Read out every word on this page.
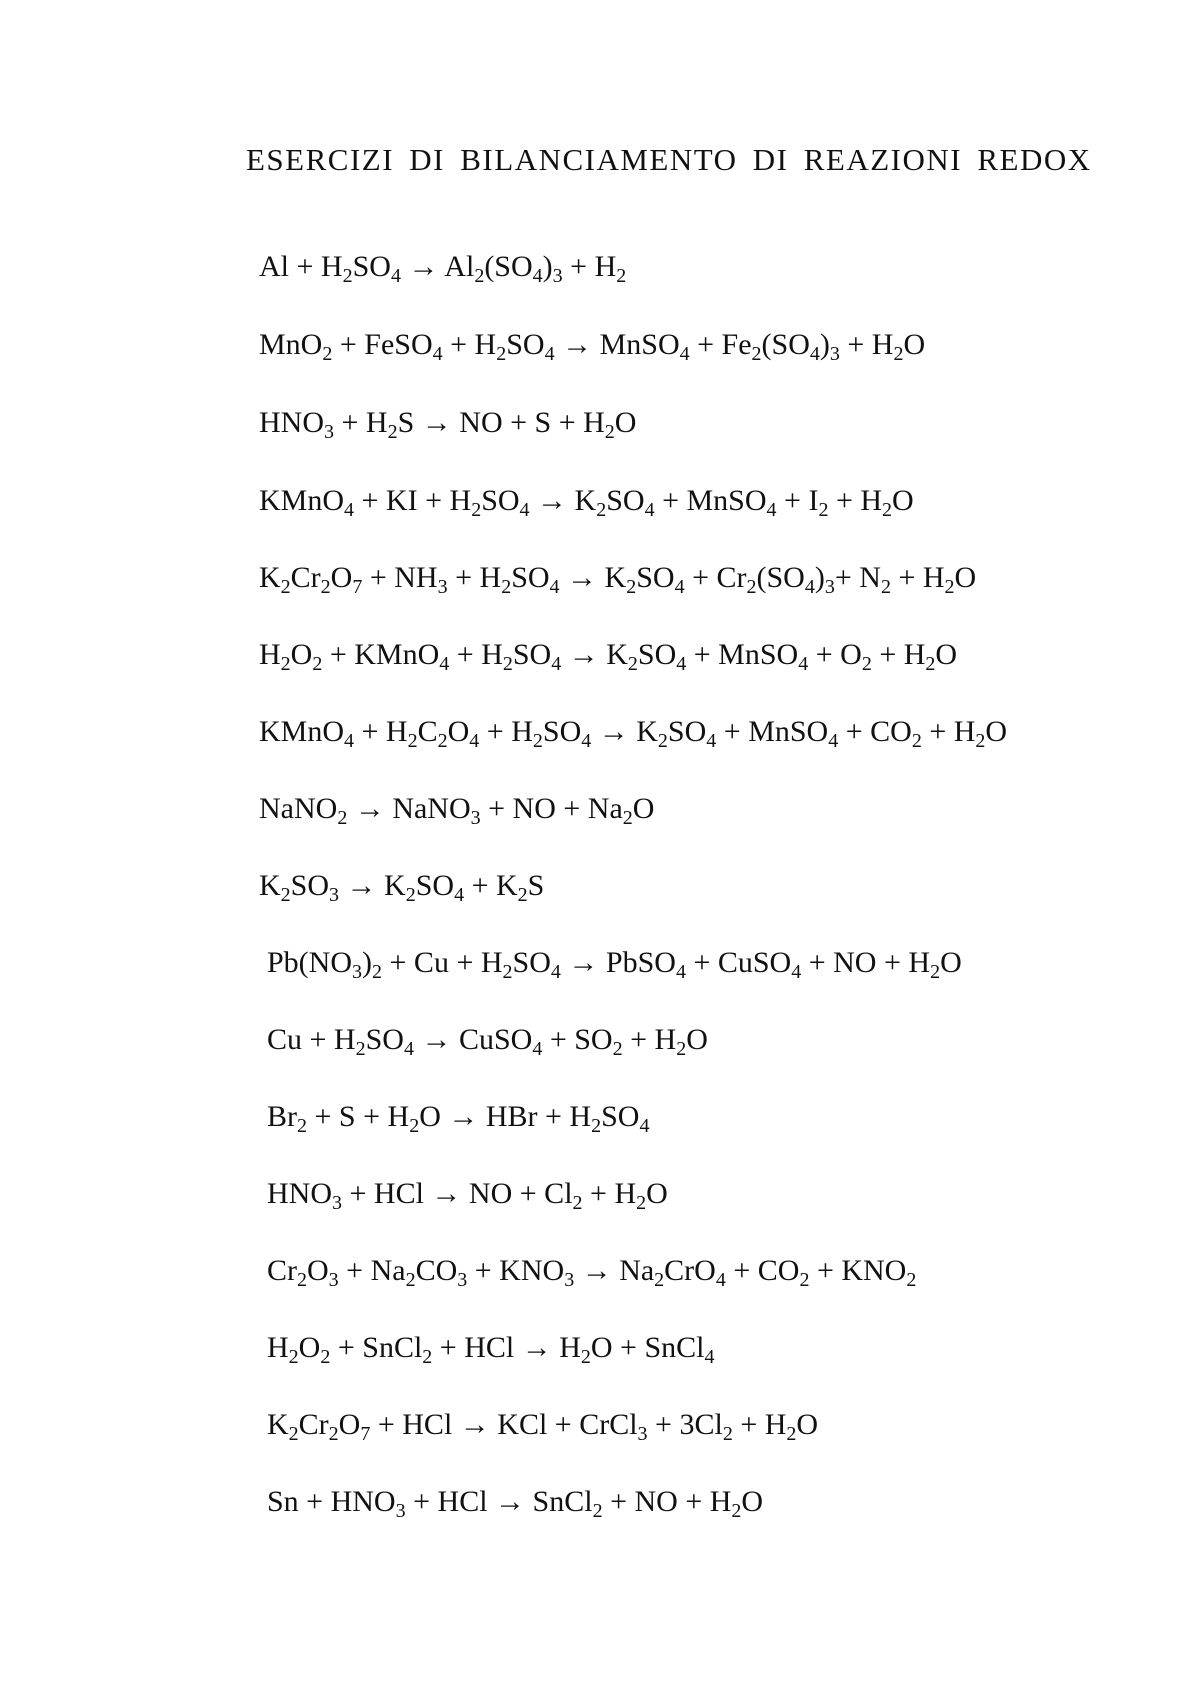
ESERCIZI DI BILANCIAMENTO DI REAZIONI REDOX
$Al + H_2SO_4 \to Al_2(SO_4)_3 + H_2$
MnO$_2$ + FeSO$_4$ + $H_2SO_4$ → MnSO$_4$ + $Fe_2(SO_4)_3 + H_2O$
$HNO_3 + H_2S$ → NO + $S + H_2O$
KMnO$_4$ + KI + $H_2SO_4 \to K_2SO_4$ + MnSO$_4$ + $I_2 + H_2O$
$K_2Cr_2O_7 + NH_3 + H_2SO_4 \to K_2SO_4 + Cr_2(SO_4)_3+ N_2 + H_2O$
$H_2O_2$ + KMnO$_4$ + $H_2SO_4 \to K_2SO_4$ + MnSO$_4$ + $O_2 + H_2O$
KMnO$_4$ + $H_2C_2O_4 + H_2SO_4 \to K_2SO_4$ + MnSO$_4$ + $CO_2 + H_2O$
NaNO$_2$ → NaNO$_3$ + NO + $Na_2O$
$K_2SO_3 \to K_2SO_4 + K_2S$
$Pb(NO_3)_2 + Cu + H_2SO_4$ → PbSO$_4$ + CuSO$_4$ + NO + $H_2O$
$Cu + H_2SO_4$ → CuSO$_4$ + $SO_2 + H_2O$
$Br_2 + S + H_2O$ → HBr + $H_2SO_4$
$HNO_3$ + HCl → NO + $Cl_2 + H_2O$
$Cr_2O_3 + Na_2CO_3 + KNO_3 \to Na_2CrO_4 + CO_2 + KNO_2$
$H_2O_2$ + SnCl$_2$ + HCl → $H_2O$ + SnCl$_4$
$K_2Cr_2O_7$ + HCl → KCl + CrCl$_3$ + $3Cl_2 + H_2O$
$Sn + HNO_3$ + HCl → SnCl$_2$ + NO + $H_2O$
